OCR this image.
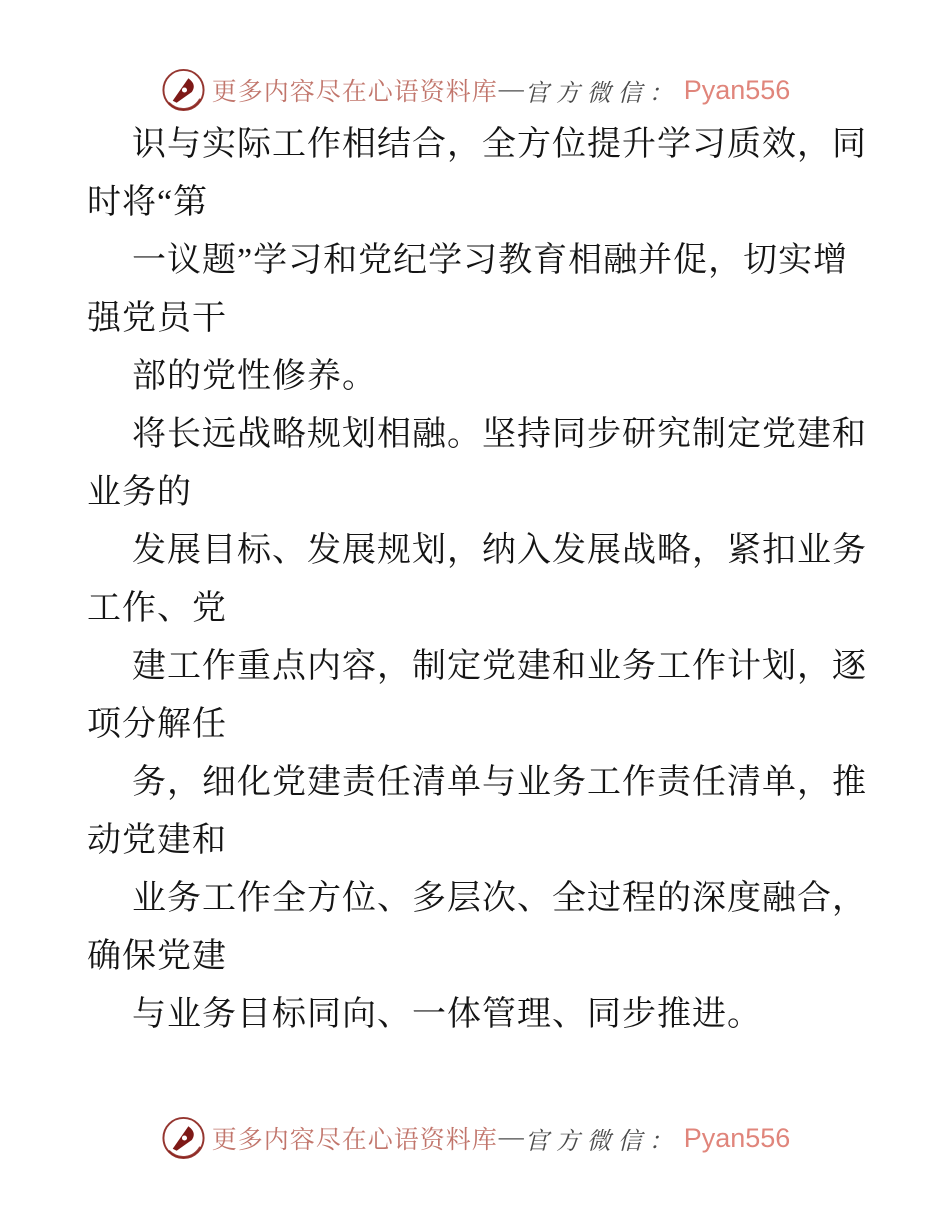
更多内容尽在心语资料库 — 官方微信： Pyan556
识与实际工作相结合，全方位提升学习质效，同
时将“第
一议题”学习和党纪学习教育相融并促，切实增
强党员干
部的党性修养。
将长远战略规划相融。坚持同步研究制定党建和
业务的
发展目标、发展规划，纳入发展战略，紧扣业务
工作、党
建工作重点内容，制定党建和业务工作计划，逐
项分解任
务，细化党建责任清单与业务工作责任清单，推
动党建和
业务工作全方位、多层次、全过程的深度融合，
确保党建
与业务目标同向、一体管理、同步推进。
更多内容尽在心语资料库 — 官方微信： Pyan556
